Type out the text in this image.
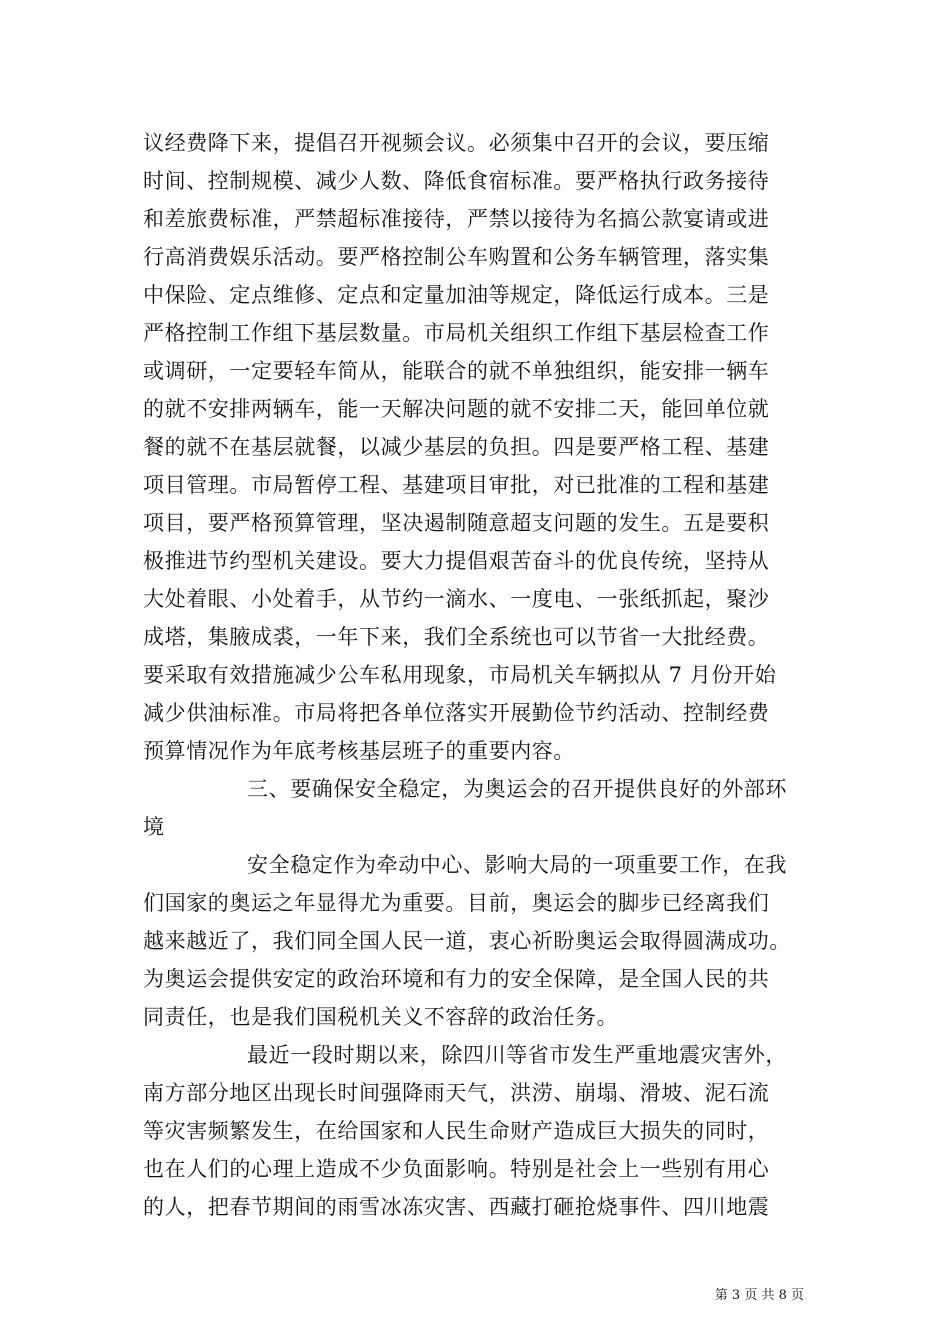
议经费降下来，提倡召开视频会议。必须集中召开的会议，要压缩
时间、控制规模、减少人数、降低食宿标准。要严格执行政务接待
和差旅费标准，严禁超标准接待，严禁以接待为名搞公款宴请或进
行高消费娱乐活动。要严格控制公车购置和公务车辆管理，落实集
中保险、定点维修、定点和定量加油等规定，降低运行成本。三是
严格控制工作组下基层数量。市局机关组织工作组下基层检查工作
或调研，一定要轻车简从，能联合的就不单独组织，能安排一辆车
的就不安排两辆车，能一天解决问题的就不安排二天，能回单位就
餐的就不在基层就餐，以减少基层的负担。四是要严格工程、基建
项目管理。市局暂停工程、基建项目审批，对已批准的工程和基建
项目，要严格预算管理，坚决遏制随意超支问题的发生。五是要积
极推进节约型机关建设。要大力提倡艰苦奋斗的优良传统，坚持从
大处着眼、小处着手，从节约一滴水、一度电、一张纸抓起，聚沙
成塔，集腋成裘，一年下来，我们全系统也可以节省一大批经费。
要采取有效措施减少公车私用现象，市局机关车辆拟从 7 月份开始
减少供油标准。市局将把各单位落实开展勤俭节约活动、控制经费
预算情况作为年底考核基层班子的重要内容。
三、要确保安全稳定，为奥运会的召开提供良好的外部环
境
安全稳定作为牵动中心、影响大局的一项重要工作，在我
们国家的奥运之年显得尤为重要。目前，奥运会的脚步已经离我们
越来越近了，我们同全国人民一道，衷心祈盼奥运会取得圆满成功。
为奥运会提供安定的政治环境和有力的安全保障，是全国人民的共
同责任，也是我们国税机关义不容辞的政治任务。
最近一段时期以来，除四川等省市发生严重地震灾害外，
南方部分地区出现长时间强降雨天气，洪涝、崩塌、滑坡、泥石流
等灾害频繁发生，在给国家和人民生命财产造成巨大损失的同时，
也在人们的心理上造成不少负面影响。特别是社会上一些别有用心
的人，把春节期间的雨雪冰冻灾害、西藏打砸抢烧事件、四川地震
第 3 页 共 8 页
